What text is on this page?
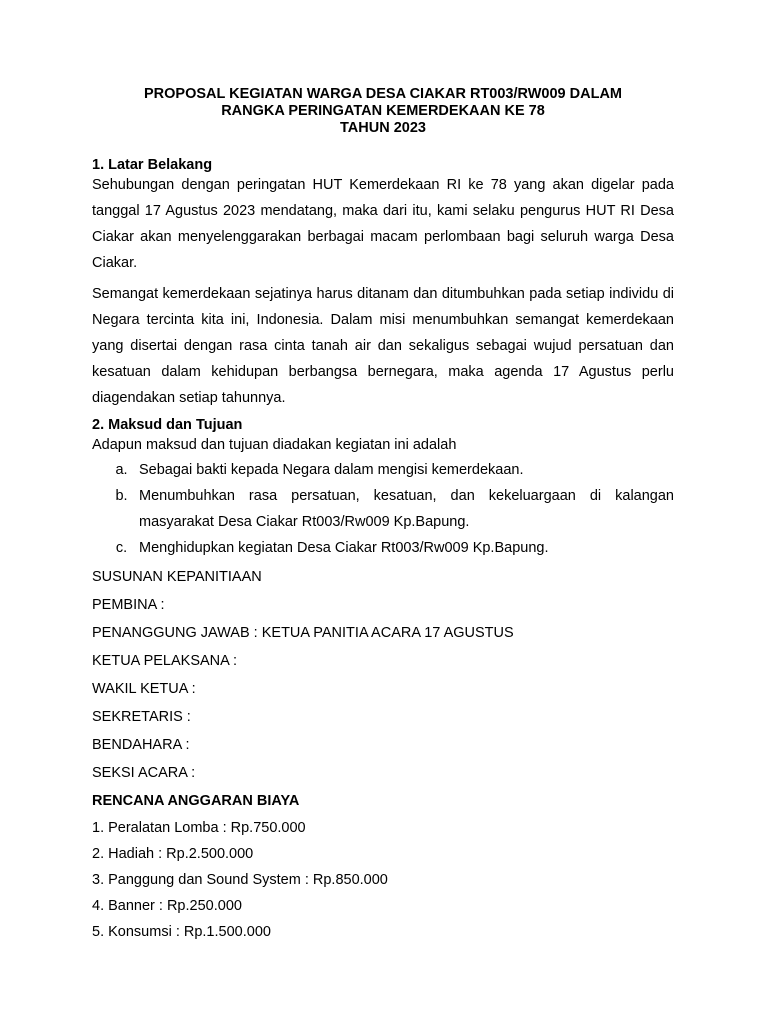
PROPOSAL KEGIATAN WARGA DESA CIAKAR RT003/RW009 DALAM
RANGKA PERINGATAN KEMERDEKAAN KE 78
TAHUN 2023
1. Latar Belakang

Sehubungan dengan peringatan HUT Kemerdekaan RI ke 78 yang akan digelar pada tanggal 17 Agustus 2023 mendatang, maka dari itu, kami selaku pengurus HUT RI Desa Ciakar akan menyelenggarakan berbagai macam perlombaan bagi seluruh warga Desa Ciakar.

Semangat kemerdekaan sejatinya harus ditanam dan ditumbuhkan pada setiap individu di Negara tercinta kita ini, Indonesia. Dalam misi menumbuhkan semangat kemerdekaan yang disertai dengan rasa cinta tanah air dan sekaligus sebagai wujud persatuan dan kesatuan dalam kehidupan berbangsa bernegara, maka agenda 17 Agustus perlu diagendakan setiap tahunnya.

2. Maksud dan Tujuan

Adapun maksud dan tujuan diadakan kegiatan ini adalah

a. Sebagai bakti kepada Negara dalam mengisi kemerdekaan.
b. Menumbuhkan rasa persatuan, kesatuan, dan kekeluargaan di kalangan masyarakat Desa Ciakar Rt003/Rw009 Kp.Bapung.
c. Menghidupkan kegiatan Desa Ciakar Rt003/Rw009 Kp.Bapung.
SUSUNAN KEPANITIAAN
PEMBINA :
PENANGGUNG JAWAB : KETUA PANITIA ACARA 17 AGUSTUS
KETUA PELAKSANA :
WAKIL KETUA :
SEKRETARIS :
BENDAHARA :
SEKSI ACARA :
RENCANA ANGGARAN BIAYA
1. Peralatan Lomba : Rp.750.000
2. Hadiah : Rp.2.500.000
3. Panggung dan Sound System : Rp.850.000
4. Banner : Rp.250.000
5. Konsumsi : Rp.1.500.000
